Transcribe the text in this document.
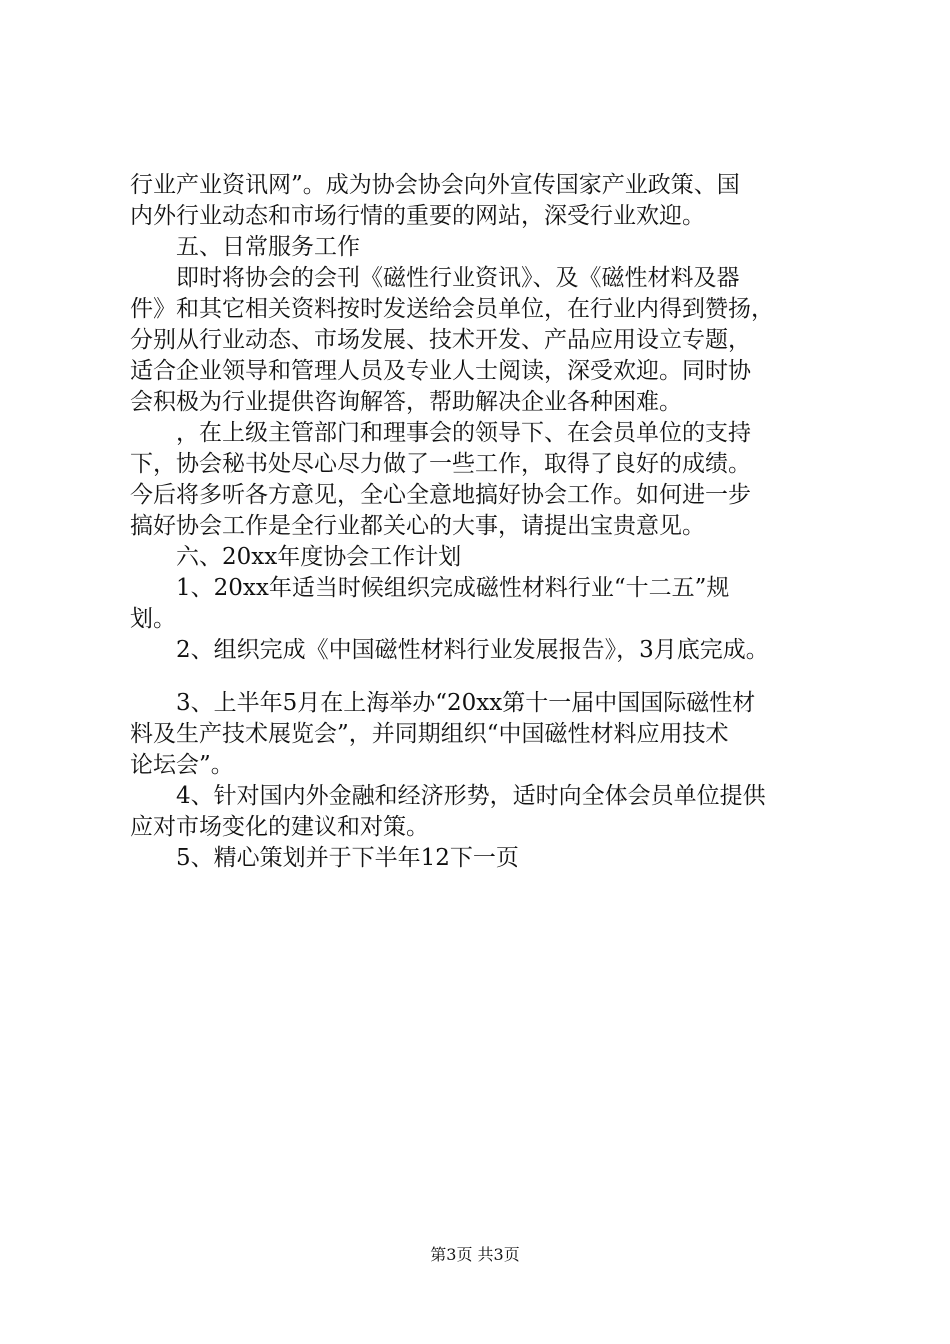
行业产业资讯网”。成为协会协会向外宣传国家产业政策、国
内外行业动态和市场行情的重要的网站，深受行业欢迎。
五、日常服务工作
即时将协会的会刊《磁性行业资讯》、及《磁性材料及器
件》和其它相关资料按时发送给会员单位，在行业内得到赞扬，
分别从行业动态、市场发展、技术开发、产品应用设立专题，
适合企业领导和管理人员及专业人士阅读，深受欢迎。同时协
会积极为行业提供咨询解答，帮助解决企业各种困难。
，在上级主管部门和理事会的领导下、在会员单位的支持
下，协会秘书处尽心尽力做了一些工作，取得了良好的成绩。
今后将多听各方意见，全心全意地搞好协会工作。如何进一步
搞好协会工作是全行业都关心的大事，请提出宝贵意见。
六、20xx年度协会工作计划
1、20xx年适当时候组织完成磁性材料行业“十二五”规
划。
2、组织完成《中国磁性材料行业发展报告》，3月底完成。
3、上半年5月在上海举办“20xx第十一届中国国际磁性材
料及生产技术展览会”，并同期组织“中国磁性材料应用技术
论坛会”。
4、针对国内外金融和经济形势，适时向全体会员单位提供
应对市场变化的建议和对策。
5、精心策划并于下半年12下一页
第3页 共3页
